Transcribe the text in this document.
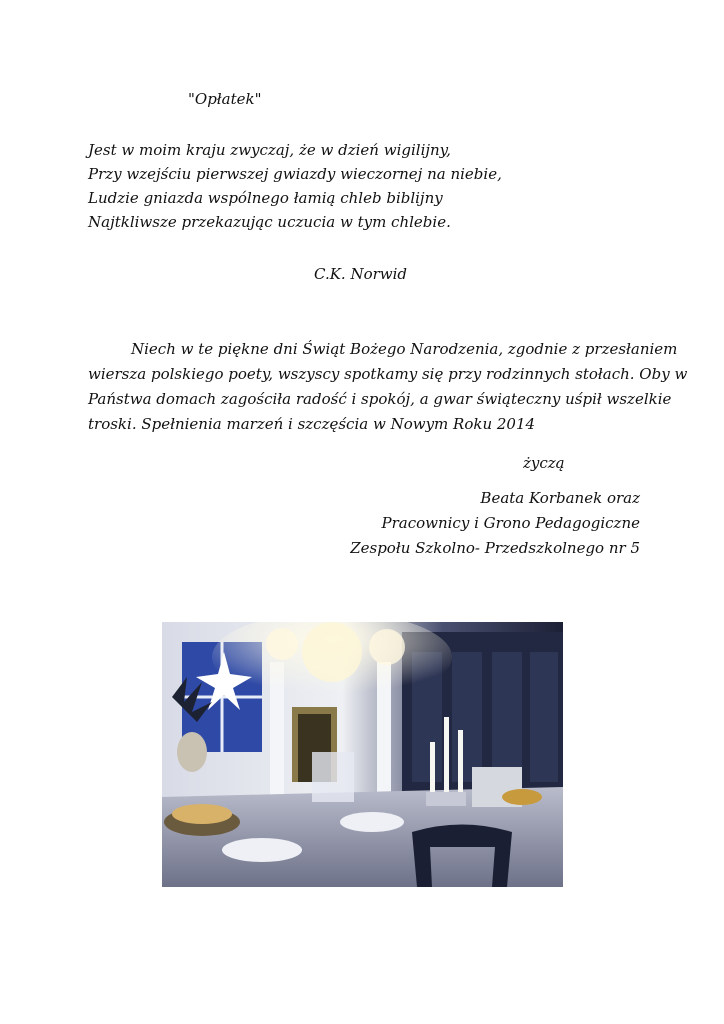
"Opłatek"
Jest w moim kraju zwyczaj, że w dzień wigilijny,
Przy wzejściu pierwszej gwiazdy wieczornej na niebie,
Ludzie gniazda wspólnego łamią chleb biblijny
Najtkliwsze przekazując uczucia w tym chlebie.
C.K. Norwid
Niech w te piękne dni Świąt Bożego Narodzenia, zgodnie z przesłaniem
wiersza polskiego poety, wszyscy spotkamy się przy rodzinnych stołach. Oby w
Państwa domach zagościła radość i spokój, a gwar świąteczny uśpił wszelkie
troski. Spełnienia marzeń i szczęścia w Nowym Roku 2014
życzą
Beata Korbanek oraz
Pracownicy i Grono Pedagogiczne
Zespołu Szkolno- Przedszkolnego nr 5
